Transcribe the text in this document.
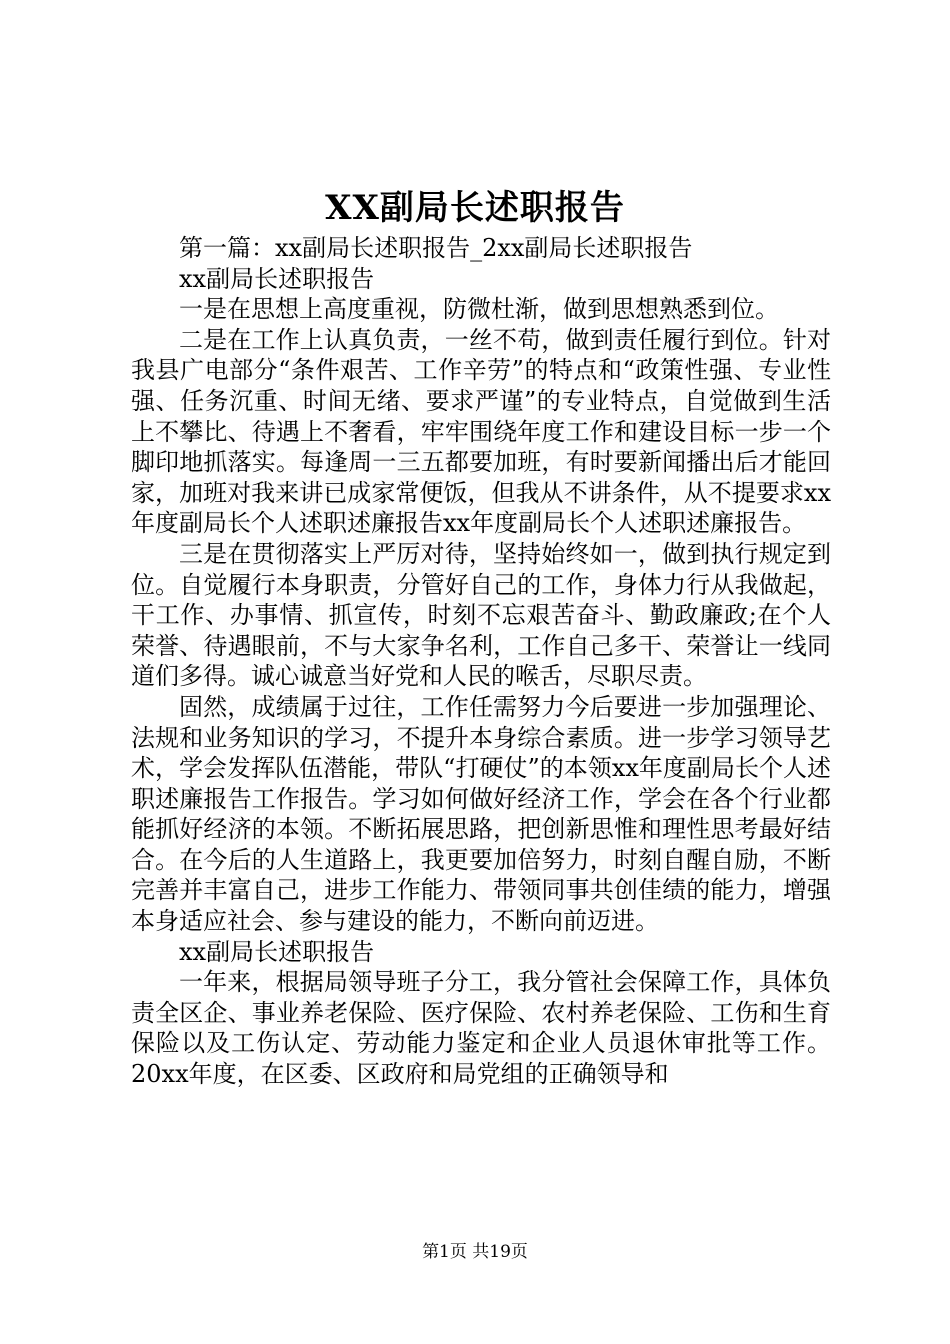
XX副局长述职报告

第一篇：xx副局长述职报告_2xx副局长述职报告

xx副局长述职报告

一是在思想上高度重视，防微杜渐，做到思想熟悉到位。

二是在工作上认真负责，一丝不苟，做到责任履行到位。针对我县广电部分“条件艰苦、工作辛劳”的特点和“政策性强、专业性强、任务沉重、时间无绪、要求严谨”的专业特点，自觉做到生活上不攀比、待遇上不奢看，牢牢围绕年度工作和建设目标一步一个脚印地抓落实。每逢周一三五都要加班，有时要新闻播出后才能回家，加班对我来讲已成家常便饭，但我从不讲条件，从不提要求xx年度副局长个人述职述廉报告xx年度副局长个人述职述廉报告。

三是在贯彻落实上严厉对待，坚持始终如一，做到执行规定到位。自觉履行本身职责，分管好自己的工作，身体力行从我做起，干工作、办事情、抓宣传，时刻不忘艰苦奋斗、勤政廉政;在个人荣誉、待遇眼前，不与大家争名利，工作自己多干、荣誉让一线同道们多得。诚心诚意当好党和人民的喉舌，尽职尽责。

固然，成绩属于过往，工作任需努力今后要进一步加强理论、法规和业务知识的学习，不提升本身综合素质。进一步学习领导艺术，学会发挥队伍潜能，带队“打硬仗”的本领xx年度副局长个人述职述廉报告工作报告。学习如何做好经济工作，学会在各个行业都能抓好经济的本领。不断拓展思路，把创新思惟和理性思考最好结合。在今后的人生道路上，我更要加倍努力，时刻自醒自励，不断完善并丰富自己，进步工作能力、带领同事共创佳绩的能力，增强本身适应社会、参与建设的能力，不断向前迈进。

xx副局长述职报告

一年来，根据局领导班子分工，我分管社会保障工作，具体负责全区企、事业养老保险、医疗保险、农村养老保险、工伤和生育保险以及工伤认定、劳动能力鉴定和企业人员退休审批等工作。20xx年度，在区委、区政府和局党组的正确领导和

第1页 共19页
